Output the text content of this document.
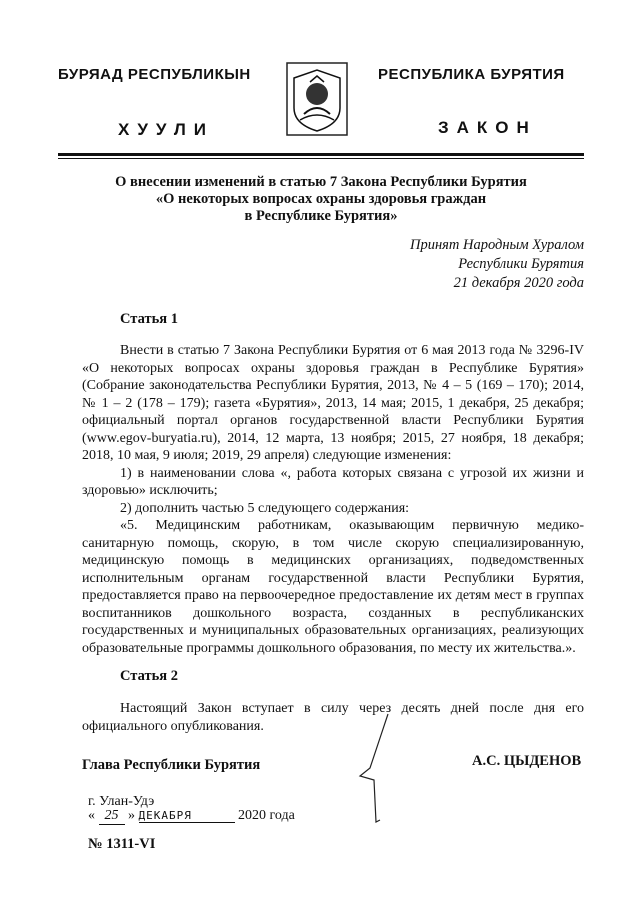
БУРЯАД РЕСПУБЛИКЫН	РЕСПУБЛИКА БУРЯТИЯ
ХУУЛИ	ЗАКОН
О внесении изменений в статью 7 Закона Республики Бурятия
«О некоторых вопросах охраны здоровья граждан
в Республике Бурятия»
Принят Народным Хуралом
Республики Бурятия
21 декабря 2020 года
Статья 1

Внести в статью 7 Закона Республики Бурятия от 6 мая 2013 года № 3296-IV «О некоторых вопросах охраны здоровья граждан в Республике Бурятия» (Собрание законодательства Республики Бурятия, 2013, № 4 – 5 (169 – 170); 2014, № 1 – 2 (178 – 179); газета «Бурятия», 2013, 14 мая; 2015, 1 декабря, 25 декабря; официальный портал органов государственной власти Республики Бурятия (www.egov-buryatia.ru), 2014, 12 марта, 13 ноября; 2015, 27 ноября, 18 декабря; 2018, 10 мая, 9 июля; 2019, 29 апреля) следующие изменения:

1) в наименовании слова «, работа которых связана с угрозой их жизни и здоровью» исключить;

2) дополнить частью 5 следующего содержания:

«5. Медицинским работникам, оказывающим первичную медико-санитарную помощь, скорую, в том числе скорую специализированную, медицинскую помощь в медицинских организациях, подведомственных исполнительным органам государственной власти Республики Бурятия, предоставляется право на первоочередное предоставление их детям мест в группах воспитанников дошкольного возраста, созданных в республиканских государственных и муниципальных образовательных организациях, реализующих образовательные программы дошкольного образования, по месту их жительства.».

Статья 2

Настоящий Закон вступает в силу через десять дней после дня его официального опубликования.

Глава Республики Бурятия	А.С. ЦЫДЕНОВ
г. Улан-Удэ
« 25 » ДЕКАБРЯ	2020 года
№ 1311-VI
